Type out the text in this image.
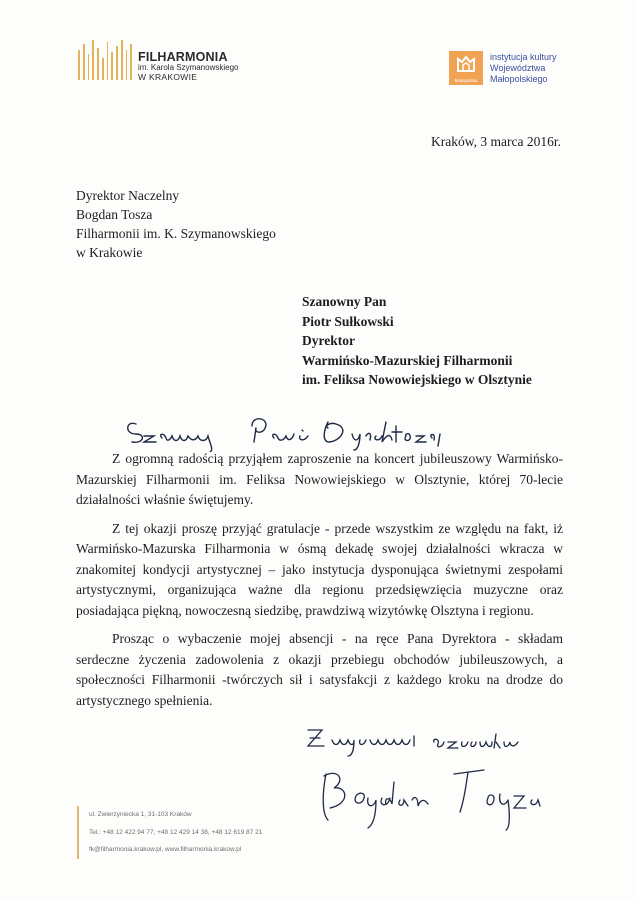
FILHARMONIA
im. Karola Szymanowskiego
W KRAKOWIE	Małopolska
instytucja kultury
Województwa
Małopolskiego
Kraków, 3 marca 2016r.
Dyrektor Naczelny
Bogdan Tosza
Filharmonii im. K. Szymanowskiego
w Krakowie
Szanowny Pan
Piotr Sułkowski
Dyrektor
Warmińsko-Mazurskiej Filharmonii
im. Feliksa Nowowiejskiego w Olsztynie

Z ogromną radością przyjąłem zaproszenie na koncert jubileuszowy Warmińsko-Mazurskiej Filharmonii im. Feliksa Nowowiejskiego w Olsztynie, której 70-lecie działalności właśnie świętujemy.

Z tej okazji proszę przyjąć gratulacje - przede wszystkim ze względu na fakt, iż Warmińsko-Mazurska Filharmonia w ósmą dekadę swojej działalności wkracza w znakomitej kondycji artystycznej – jako instytucja dysponująca świetnymi zespołami artystycznymi, organizująca ważne dla regionu przedsięwzięcia muzyczne oraz posiadająca piękną, nowoczesną siedzibę, prawdziwą wizytówkę Olsztyna i regionu.

Prosząc o wybaczenie mojej absencji - na ręce Pana Dyrektora - składam serdeczne życzenia zadowolenia z okazji przebiegu obchodów jubileuszowych, a społeczności Filharmonii -twórczych sił i satysfakcji z każdego kroku na drodze do artystycznego spełnienia.

ul. Zwierzyniecka 1, 31-103 Kraków
Tel.: +48 12 422 94 77, +48 12 429 14 38, +48 12 619 87 21
fk@filharmonia.krakow.pl, www.filharmonia.krakow.pl
